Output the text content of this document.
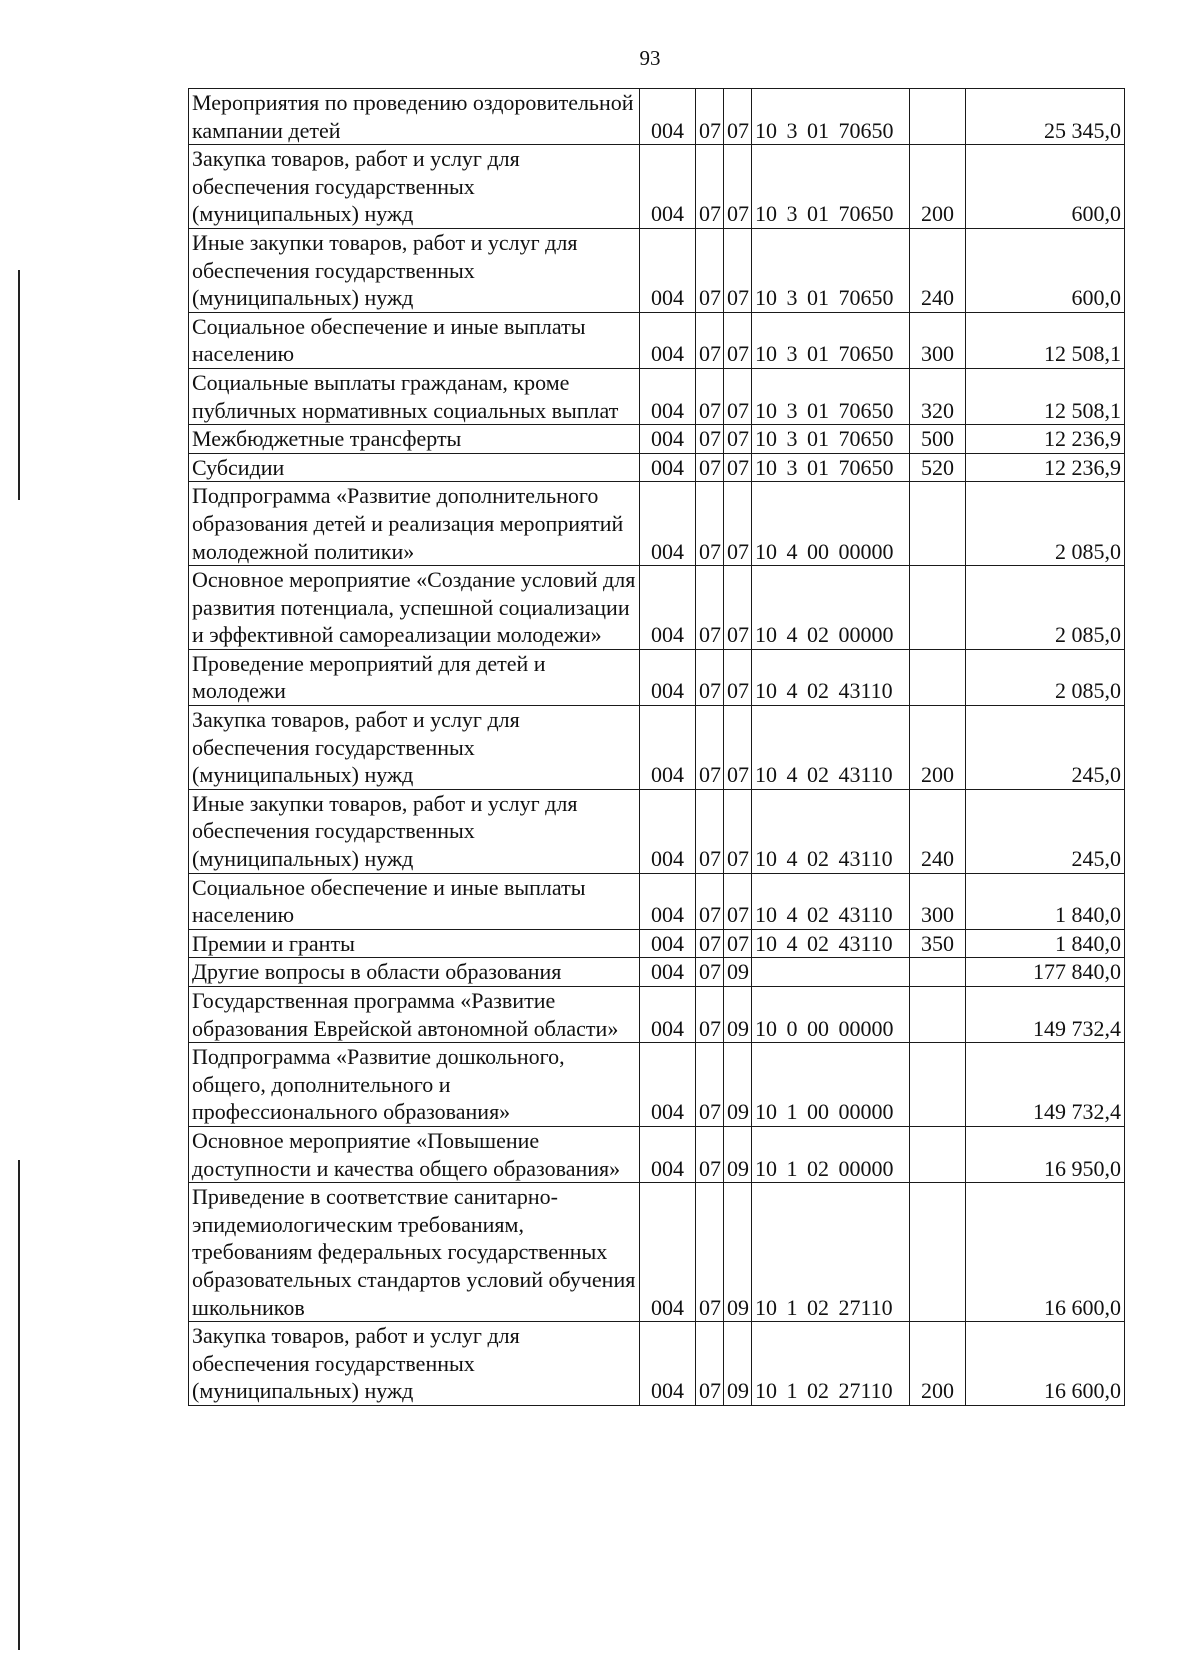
93
Мероприятия по проведению оздоровительной кампании детей	004	07	07	10 3 01 70650		25 345,0
Закупка товаров, работ и услуг для обеспечения государственных (муниципальных) нужд	004	07	07	10 3 01 70650	200	600,0
Иные закупки товаров, работ и услуг для обеспечения государственных (муниципальных) нужд	004	07	07	10 3 01 70650	240	600,0
Социальное обеспечение и иные выплаты населению	004	07	07	10 3 01 70650	300	12 508,1
Социальные выплаты гражданам, кроме публичных нормативных социальных выплат	004	07	07	10 3 01 70650	320	12 508,1
Межбюджетные трансферты	004	07	07	10 3 01 70650	500	12 236,9
Субсидии	004	07	07	10 3 01 70650	520	12 236,9
Подпрограмма «Развитие дополнительного образования детей и реализация мероприятий молодежной политики»	004	07	07	10 4 00 00000		2 085,0
Основное мероприятие «Создание условий для развития потенциала, успешной социализации и эффективной самореализации молодежи»	004	07	07	10 4 02 00000		2 085,0
Проведение мероприятий для детей и молодежи	004	07	07	10 4 02 43110		2 085,0
Закупка товаров, работ и услуг для обеспечения государственных (муниципальных) нужд	004	07	07	10 4 02 43110	200	245,0
Иные закупки товаров, работ и услуг для обеспечения государственных (муниципальных) нужд	004	07	07	10 4 02 43110	240	245,0
Социальное обеспечение и иные выплаты населению	004	07	07	10 4 02 43110	300	1 840,0
Премии и гранты	004	07	07	10 4 02 43110	350	1 840,0
Другие вопросы в области образования	004	07	09			177 840,0
Государственная программа «Развитие образования Еврейской автономной области»	004	07	09	10 0 00 00000		149 732,4
Подпрограмма «Развитие дошкольного, общего, дополнительного и профессионального образования»	004	07	09	10 1 00 00000		149 732,4
Основное мероприятие «Повышение доступности и качества общего образования»	004	07	09	10 1 02 00000		16 950,0
Приведение в соответствие санитарно-эпидемиологическим требованиям, требованиям федеральных государственных образовательных стандартов условий обучения школьников	004	07	09	10 1 02 27110		16 600,0
Закупка товаров, работ и услуг для обеспечения государственных (муниципальных) нужд	004	07	09	10 1 02 27110	200	16 600,0
